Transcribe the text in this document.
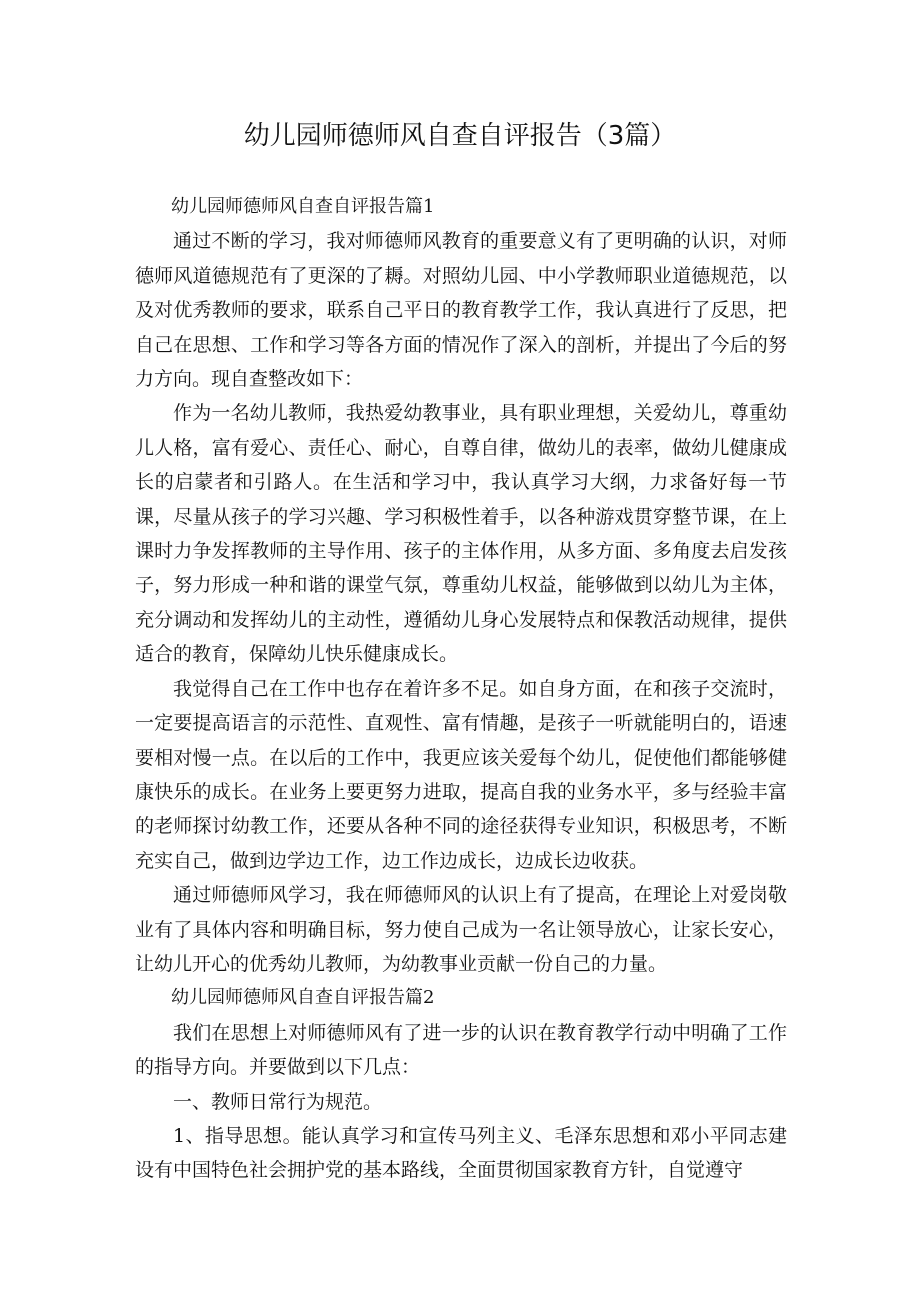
幼儿园师德师风自查自评报告（3篇）

幼儿园师德师风自查自评报告篇1

通过不断的学习，我对师德师风教育的重要意义有了更明确的认识，对师德师风道德规范有了更深的了耨。对照幼儿园、中小学教师职业道德规范，以及对优秀教师的要求，联系自己平日的教育教学工作，我认真进行了反思，把自己在思想、工作和学习等各方面的情况作了深入的剖析，并提出了今后的努力方向。现自查整改如下：

作为一名幼儿教师，我热爱幼教事业，具有职业理想，关爱幼儿，尊重幼儿人格，富有爱心、责任心、耐心，自尊自律，做幼儿的表率，做幼儿健康成长的启蒙者和引路人。在生活和学习中，我认真学习大纲，力求备好每一节课，尽量从孩子的学习兴趣、学习积极性着手，以各种游戏贯穿整节课，在上课时力争发挥教师的主导作用、孩子的主体作用，从多方面、多角度去启发孩子，努力形成一种和谐的课堂气氛，尊重幼儿权益，能够做到以幼儿为主体，充分调动和发挥幼儿的主动性，遵循幼儿身心发展特点和保教活动规律，提供适合的教育，保障幼儿快乐健康成长。

我觉得自己在工作中也存在着许多不足。如自身方面，在和孩子交流时，一定要提高语言的示范性、直观性、富有情趣，是孩子一听就能明白的，语速要相对慢一点。在以后的工作中，我更应该关爱每个幼儿，促使他们都能够健康快乐的成长。在业务上要更努力进取，提高自我的业务水平，多与经验丰富的老师探讨幼教工作，还要从各种不同的途径获得专业知识，积极思考，不断充实自己，做到边学边工作，边工作边成长，边成长边收获。

通过师德师风学习，我在师德师风的认识上有了提高，在理论上对爱岗敬业有了具体内容和明确目标，努力使自己成为一名让领导放心，让家长安心，让幼儿开心的优秀幼儿教师，为幼教事业贡献一份自己的力量。

幼儿园师德师风自查自评报告篇2

我们在思想上对师德师风有了进一步的认识在教育教学行动中明确了工作的指导方向。并要做到以下几点：

一、教师日常行为规范。

1、指导思想。能认真学习和宣传马列主义、毛泽东思想和邓小平同志建设有中国特色社会拥护党的基本路线，全面贯彻国家教育方针，自觉遵守
